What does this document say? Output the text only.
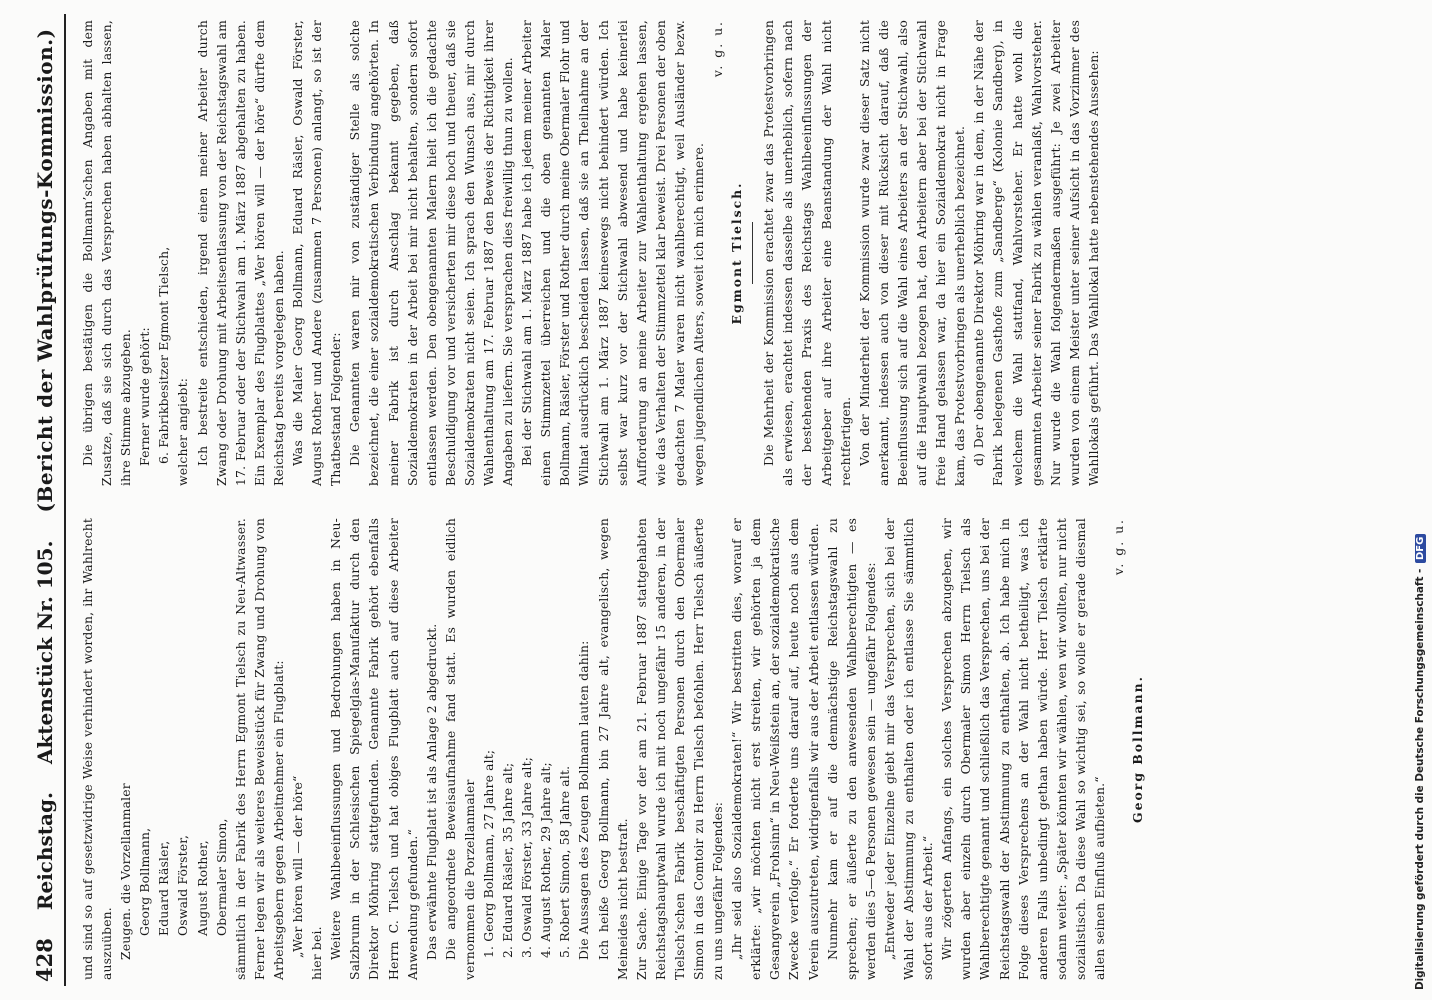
428
Reichstag.
Aktenstück Nr. 105.
(Bericht der Wahlprüfungs-Kommission.)

und sind so auf gesetzwidrige Weise verhindert worden, ihr Wahlrecht auszuüben. Zeugen. die Vorzellanmaler Georg Bollmann, Eduard Räsler, Oswald Förster, August Rother, Obermaler Simon, sämmtlich in der Fabrik des Herrn Egmont Tielsch zu Neu-Altwasser. Ferner legen wir als weiteres Beweisstück für Zwang und Drohung von Arbeitsgebern gegen Arbeitnehmer ein Flugblatt: „Wer hören will — der höre“ hier bei. Weitere Wahlbeeinflussungen und Bedrohungen haben in Neu-Salzbrunn in der Schlesischen Spiegelglas-Manufaktur durch den Direktor Möhring stattgefunden. Genannte Fabrik gehört ebenfalls Herrn C. Tielsch und hat obiges Flugblatt auch auf diese Arbeiter Anwendung gefunden.“ Das erwähnte Flugblatt ist als Anlage 2 abgedruckt. Die angeordnete Beweisaufnahme fand statt. Es wurden eidlich vernommen die Porzellanmaler 1. Georg Bollmann, 27 Jahre alt; 2. Eduard Räsler, 35 Jahre alt; 3. Oswald Förster, 33 Jahre alt; 4. August Rother, 29 Jahre alt; 5. Robert Simon, 58 Jahre alt. Die Aussagen des Zeugen Bollmann lauten dahin: Ich heiße Georg Bollmann, bin 27 Jahre alt, evangelisch, wegen Meineides nicht bestraft. Zur Sache. Einige Tage vor der am 21. Februar 1887 stattgehabten Reichstagshauptwahl wurde ich mit noch ungefähr 15 anderen, in der Tielsch’schen Fabrik beschäftigten Personen durch den Obermaler Simon in das Comtoir zu Herrn Tielsch befohlen. Herr Tielsch äußerte zu uns ungefähr Folgendes: „Ihr seid also Sozialdemokraten!“ Wir bestritten dies, worauf er erklärte: „wir möchten nicht erst streiten, wir gehörten ja dem Gesangverein „Frohsinn“ in Neu-Weißstein an, der sozialdemokratische Zwecke verfolge.“ Er forderte uns darauf auf, heute noch aus dem Verein auszutreten, widrigenfalls wir aus der Arbeit entlassen würden. Nunmehr kam er auf die demnächstige Reichstagswahl zu sprechen; er äußerte zu den anwesenden Wahlberechtigten — es werden dies 5—6 Personen gewesen sein — ungefähr Folgendes: „Entweder jeder Einzelne giebt mir das Versprechen, sich bei der Wahl der Abstimmung zu enthalten oder ich entlasse Sie sämmtlich sofort aus der Arbeit.“ Wir zögerten Anfangs, ein solches Versprechen abzugeben, wir wurden aber einzeln durch Obermaler Simon Herrn Tielsch als Wahlberechtigte genannt und schließlich das Versprechen, uns bei der Reichstagswahl der Abstimmung zu enthalten, ab. Ich habe mich in Folge dieses Versprechens an der Wahl nicht betheiligt, was ich anderen Falls unbedingt gethan haben würde. Herr Tielsch erklärte sodann weiter: „Später könnten wir wählen, wen wir wollten, nur nicht sozialistisch. Da diese Wahl so wichtig sei, so wolle er gerade diesmal allen seinen Einfluß aufbieten.“

v. g. u.

Georg Bollmann.

Die übrigen bestätigen die Bollmann’schen Angaben mit dem Zusatze, daß sie sich durch das Versprechen haben abhalten lassen, ihre Stimme abzugeben. Ferner wurde gehört: 6. Fabrikbesitzer Egmont Tielsch, welcher angiebt: Ich bestreite entschieden, irgend einen meiner Arbeiter durch Zwang oder Drohung mit Arbeitsentlassung von der Reichstagswahl am 17. Februar oder der Stichwahl am 1. März 1887 abgehalten zu haben. Ein Exemplar des Flugblattes „Wer hören will — der höre“ dürfte dem Reichstag bereits vorgelegen haben. Was die Maler Georg Bollmann, Eduard Räsler, Oswald Förster, August Rother und Andere (zusammen 7 Personen) anlangt, so ist der Thatbestand Folgender: Die Genannten waren mir von zuständiger Stelle als solche bezeichnet, die einer sozialdemokratischen Verbindung angehörten. In meiner Fabrik ist durch Anschlag bekannt gegeben, daß Sozialdemokraten in der Arbeit bei mir nicht behalten, sondern sofort entlassen werden. Den obengenannten Malern hielt ich die gedachte Beschuldigung vor und versicherten mir diese hoch und theuer, daß sie Sozialdemokraten nicht seien. Ich sprach den Wunsch aus, mir durch Wahlenthaltung am 17. Februar 1887 den Beweis der Richtigkeit ihrer Angaben zu liefern. Sie versprachen dies freiwillig thun zu wollen. Bei der Stichwahl am 1. März 1887 habe ich jedem meiner Arbeiter einen Stimmzettel überreichen und die oben genannten Maler Bollmann, Räsler, Förster und Rother durch meine Obermaler Flohr und Wilnat ausdrücklich bescheiden lassen, daß sie an Theilnahme an der Stichwahl am 1. März 1887 keineswegs nicht behindert würden. Ich selbst war kurz vor der Stichwahl abwesend und habe keinerlei Aufforderung an meine Arbeiter zur Wahlenthaltung ergehen lassen, wie das Verhalten der Stimmzettel klar beweist. Drei Personen der oben gedachten 7 Maler waren nicht wahlberechtigt, weil Ausländer bezw. wegen jugendlichen Alters, soweit ich mich erinnere.

v. g. u.

Egmont Tielsch. Die Mehrheit der Kommission erachtet zwar das Protestvorbringen als erwiesen, erachtet indessen dasselbe als unerheblich, sofern nach der bestehenden Praxis des Reichstags Wahlbeeinflussungen der Arbeitgeber auf ihre Arbeiter eine Beanstandung der Wahl nicht rechtfertigen. Von der Minderheit der Kommission wurde zwar dieser Satz nicht anerkannt, indessen auch von dieser mit Rücksicht darauf, daß die Beeinflussung sich auf die Wahl eines Arbeiters an der Stichwahl, also auf die Hauptwahl bezogen hat, den Arbeitern aber bei der Stichwahl freie Hand gelassen war, da hier ein Sozialdemokrat nicht in Frage kam, das Protestvorbringen als unerheblich bezeichnet. d) Der obengenannte Direktor Möhring war in dem, in der Nähe der Fabrik belegenen Gasthofe zum „Sandberge“ (Kolonie Sandberg), in welchem die Wahl stattfand, Wahlvorsteher. Er hatte wohl die gesammten Arbeiter seiner Fabrik zu wählen veranlaßt, Wahlvorsteher. Nur wurde die Wahl folgendermaßen ausgeführt: Je zwei Arbeiter wurden von einem Meister unter seiner Aufsicht in das Vorzimmer des Wahllokals geführt. Das Wahllokal hatte nebenstehendes Aussehen:

Digitalisierung gefördert durch die Deutsche Forschungsgemeinschaft - DFG
